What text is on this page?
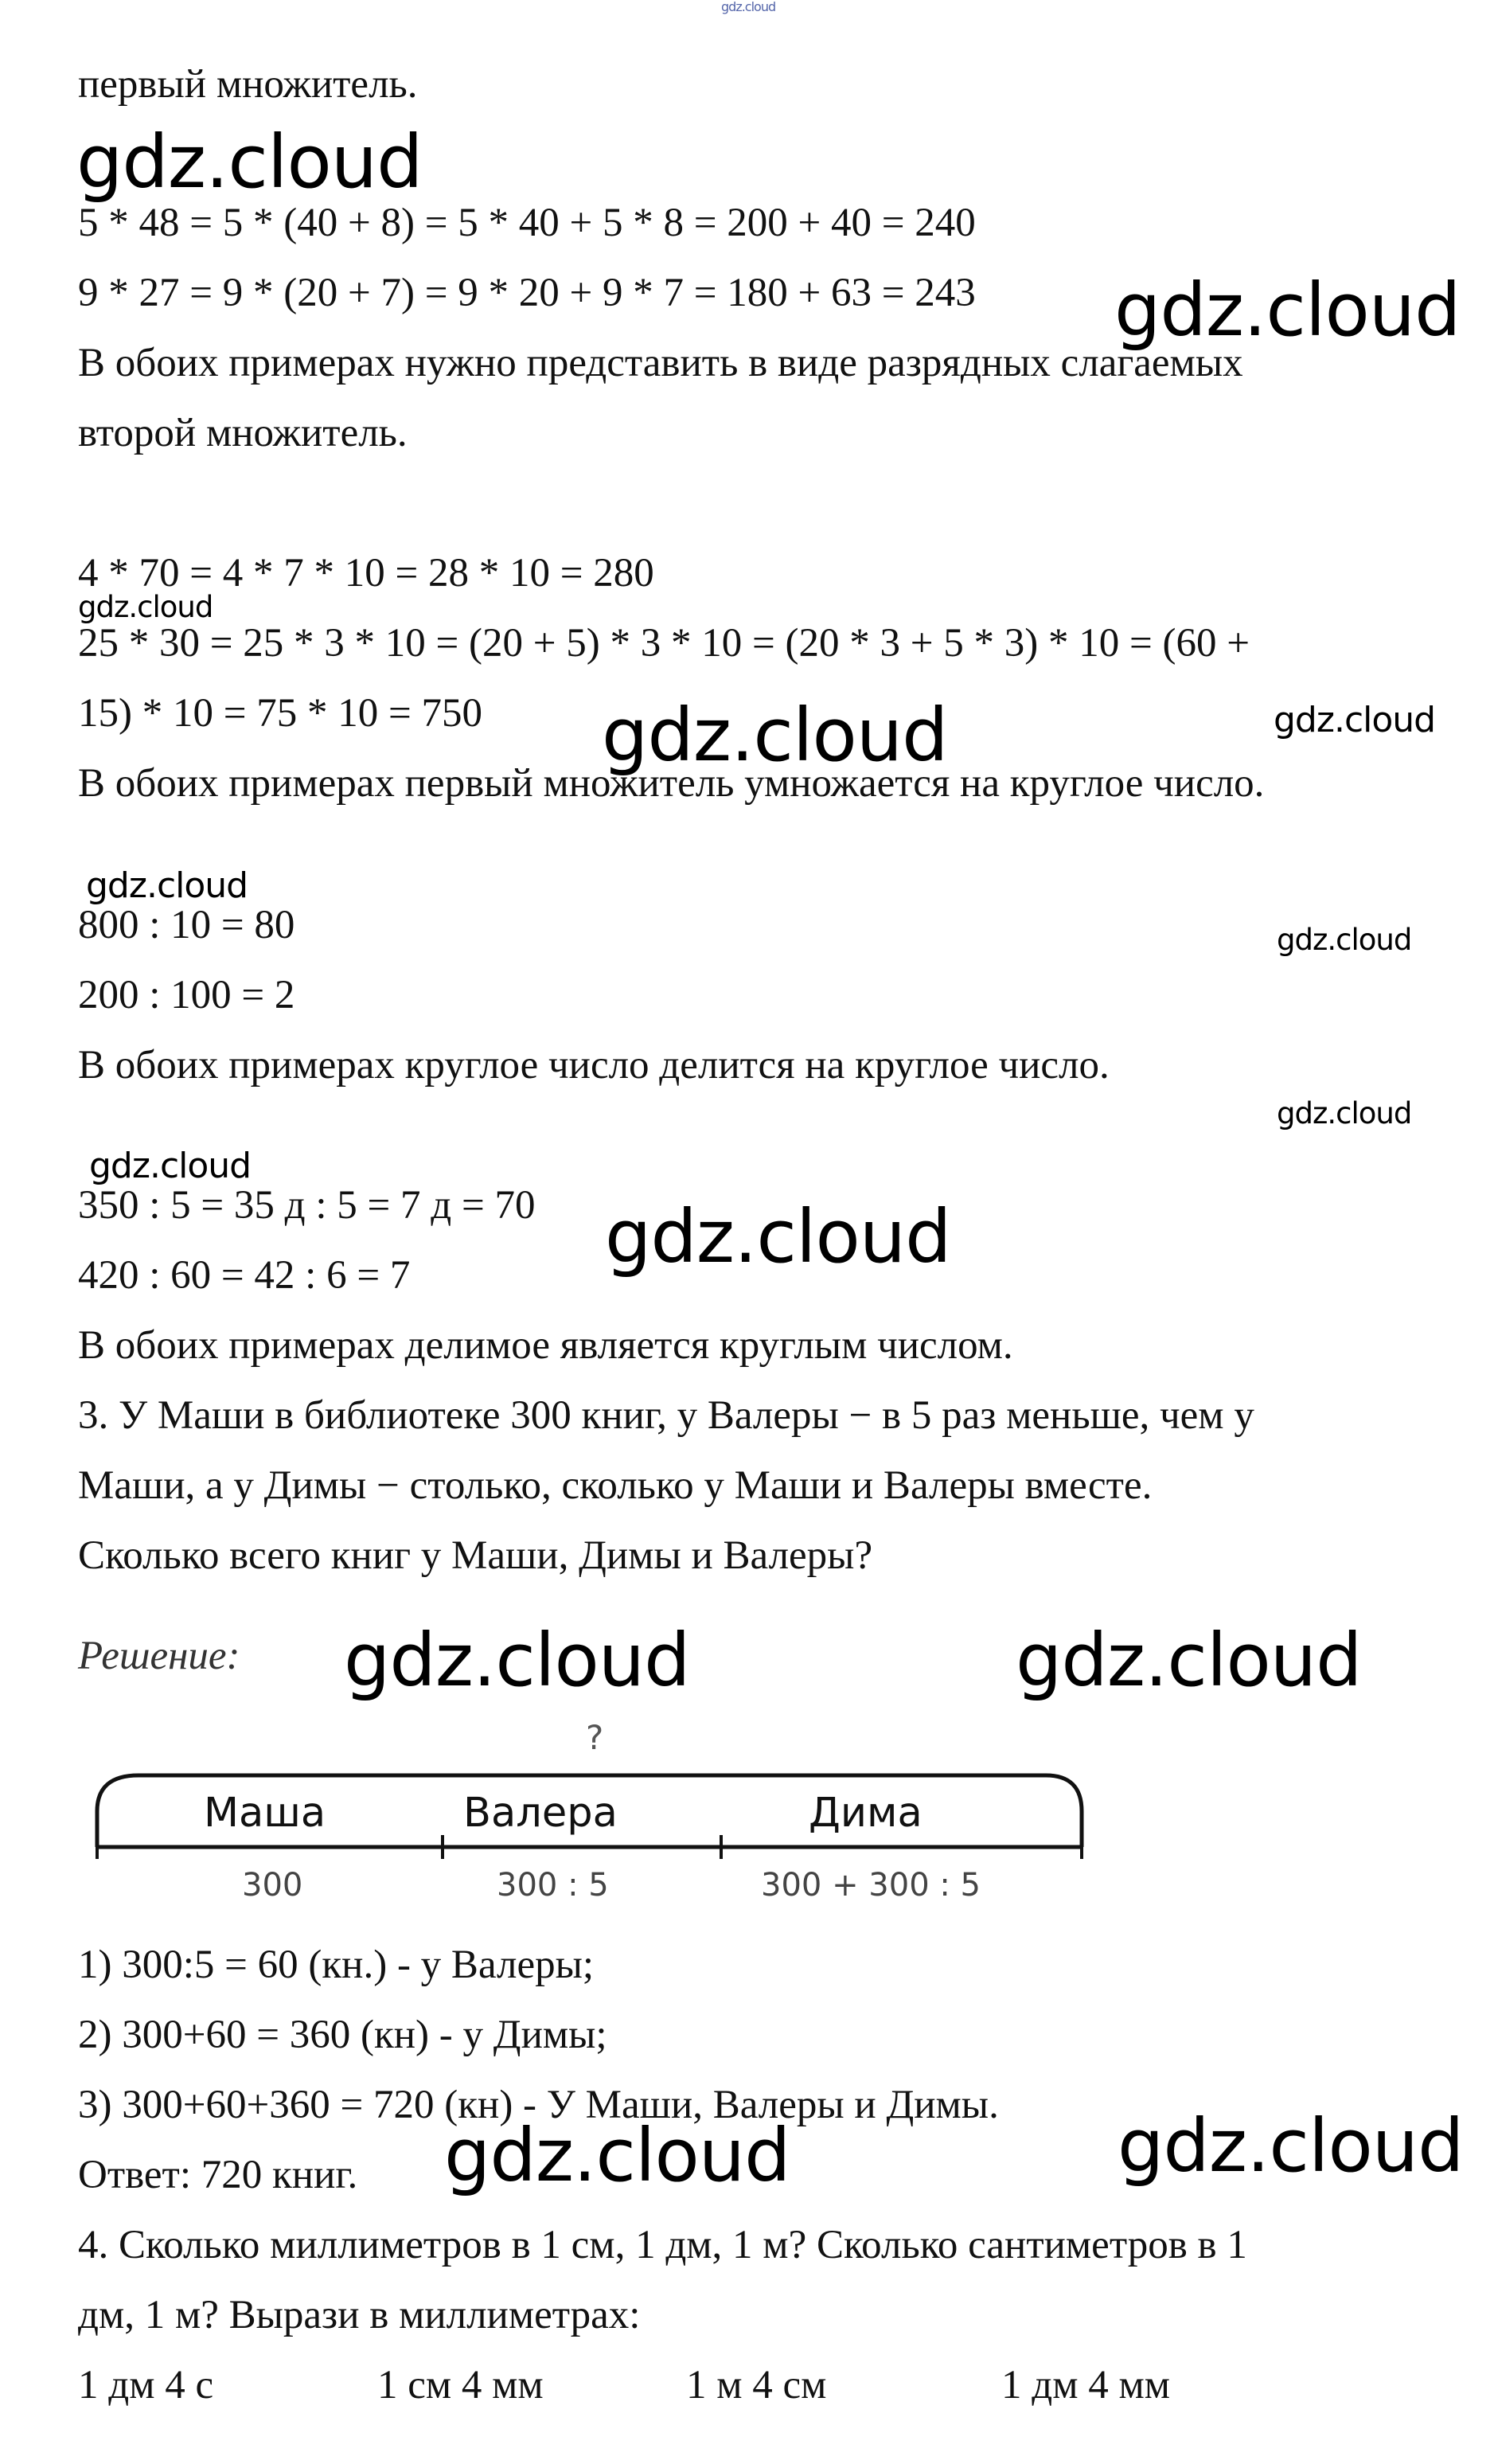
gdz.cloud
первый множитель.
5 * 48 = 5 * (40 + 8) = 5 * 40 + 5 * 8 = 200 + 40 = 240
9 * 27 = 9 * (20 + 7) = 9 * 20 + 9 * 7 = 180 + 63 = 243
В обоих примерах нужно представить в виде разрядных слагаемых
второй множитель.
4 * 70 = 4 * 7 * 10 = 28 * 10 = 280
25 * 30 = 25 * 3 * 10 = (20 + 5) * 3 * 10 = (20 * 3 + 5 * 3) * 10 = (60 +
15) * 10 = 75 * 10 = 750
В обоих примерах первый множитель умножается на круглое число.
800 : 10 = 80
200 : 100 = 2
В обоих примерах круглое число делится на круглое число.
350 : 5 = 35 д : 5 = 7 д = 70
420 : 60 = 42 : 6 = 7
В обоих примерах делимое является круглым числом.
3. У Маши в библиотеке 300 книг, у Валеры − в 5 раз меньше, чем у
Маши, а у Димы − столько, сколько у Маши и Валеры вместе.
Сколько всего книг у Маши, Димы и Валеры?
Решение:
?
Маша	Валера	Дима
300	300 : 5	300 + 300 : 5
1) 300:5 = 60 (кн.) - у Валеры;
2) 300+60 = 360 (кн) - у Димы;
3) 300+60+360 = 720 (кн) - У Маши, Валеры и Димы.
Ответ: 720 книг.
4. Сколько миллиметров в 1 см, 1 дм, 1 м? Сколько сантиметров в 1
дм, 1 м? Вырази в миллиметрах:
1 дм 4 с	1 см 4 мм	1 м 4 см	1 дм 4 мм
gdz.cloud
gdz.cloud
gdz.cloud
gdz.cloud	gdz.cloud
gdz.cloud
gdz.cloud
gdz.cloud
gdz.cloud
gdz.cloud
gdz.cloud	gdz.cloud
gdz.cloud	gdz.cloud
